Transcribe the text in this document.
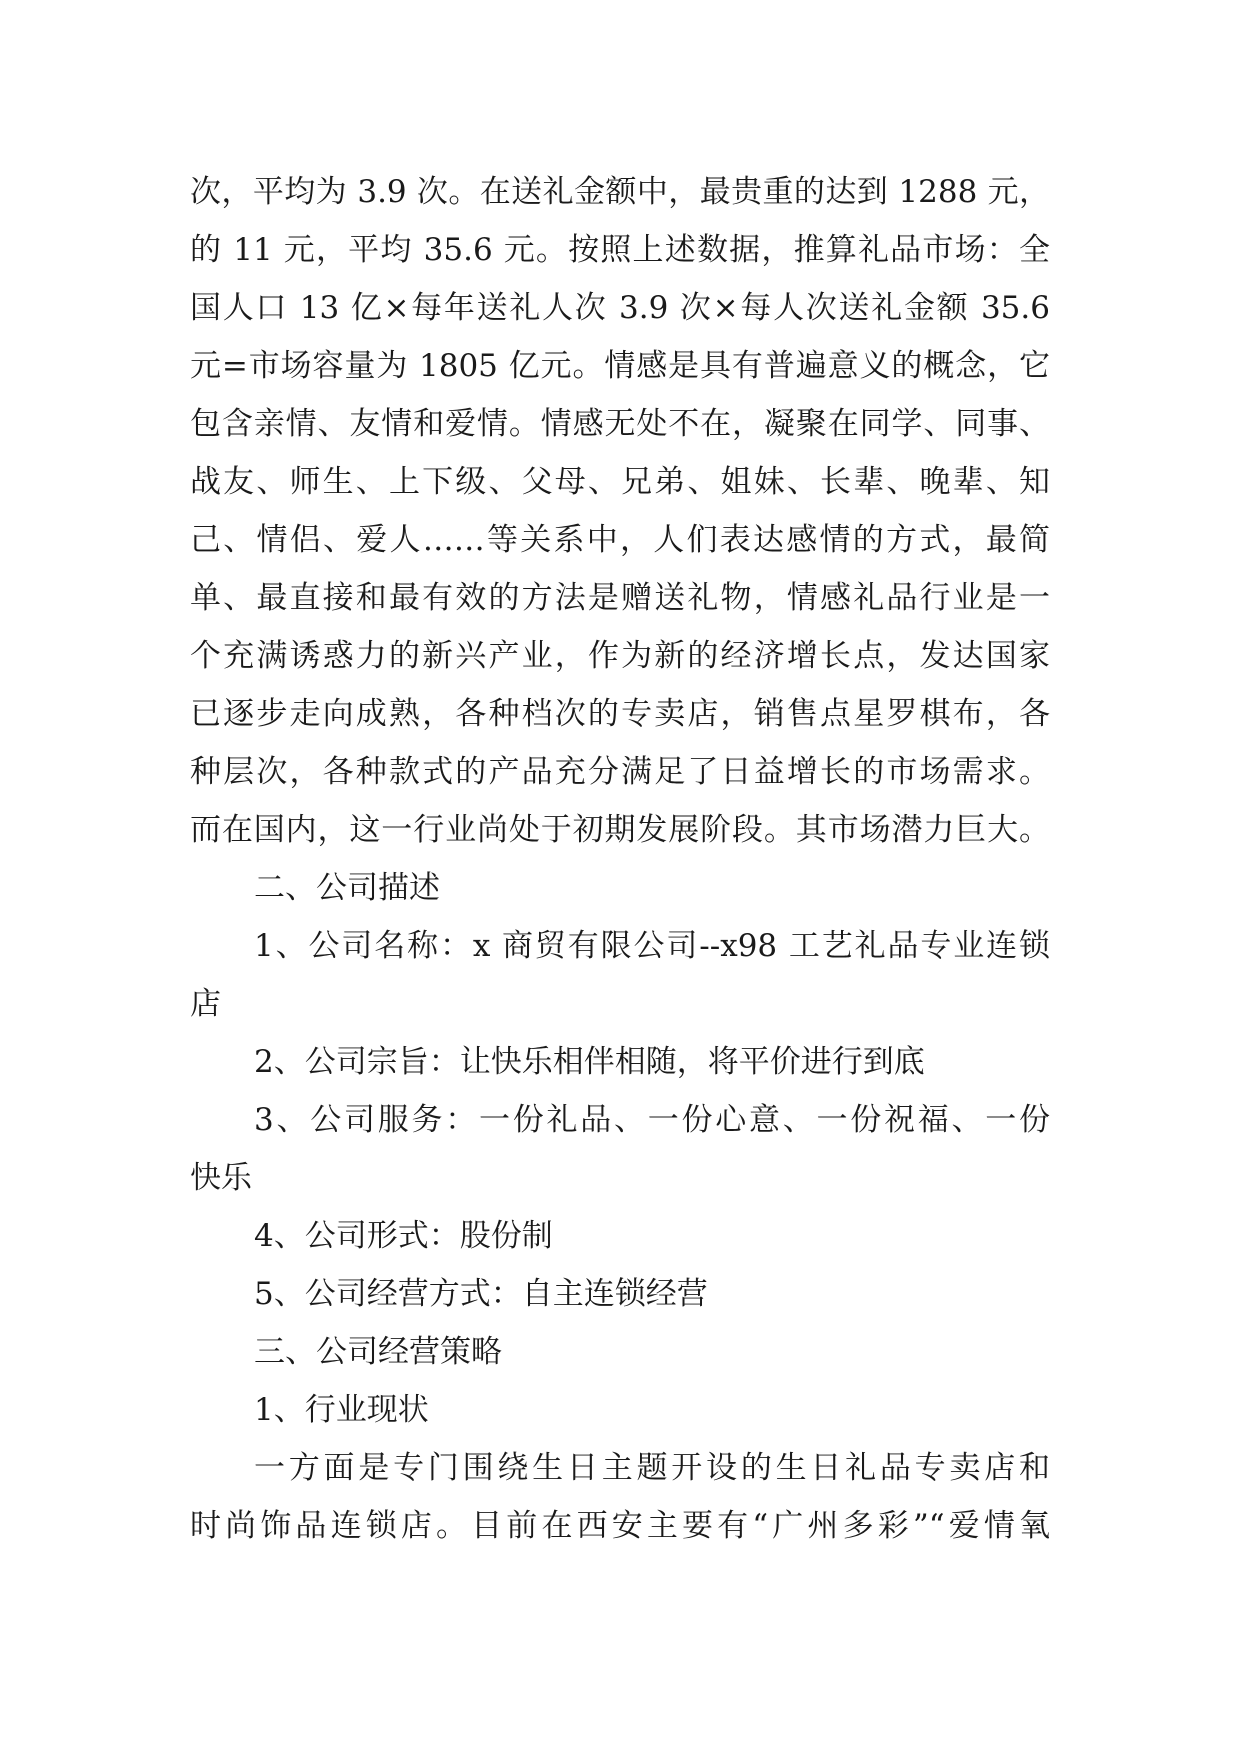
次，平均为 3.9 次。在送礼金额中，最贵重的达到 1288 元，
的 11 元，平均 35.6 元。按照上述数据，推算礼品市场：全
国人口 13 亿×每年送礼人次 3.9 次×每人次送礼金额 35.6
元=市场容量为 1805 亿元。情感是具有普遍意义的概念，它
包含亲情、友情和爱情。情感无处不在，凝聚在同学、同事、
战友、师生、上下级、父母、兄弟、姐妹、长辈、晚辈、知
己、情侣、爱人……等关系中，人们表达感情的方式，最简
单、最直接和最有效的方法是赠送礼物，情感礼品行业是一
个充满诱惑力的新兴产业，作为新的经济增长点，发达国家
已逐步走向成熟，各种档次的专卖店，销售点星罗棋布，各
种层次，各种款式的产品充分满足了日益增长的市场需求。
而在国内，这一行业尚处于初期发展阶段。其市场潜力巨大。
二、公司描述
1、公司名称：x 商贸有限公司--x98 工艺礼品专业连锁
店
2、公司宗旨：让快乐相伴相随，将平价进行到底
3、公司服务：一份礼品、一份心意、一份祝福、一份
快乐
4、公司形式：股份制
5、公司经营方式：自主连锁经营
三、公司经营策略
1、行业现状
一方面是专门围绕生日主题开设的生日礼品专卖店和
时尚饰品连锁店。目前在西安主要有“广州多彩”“爱情氧
